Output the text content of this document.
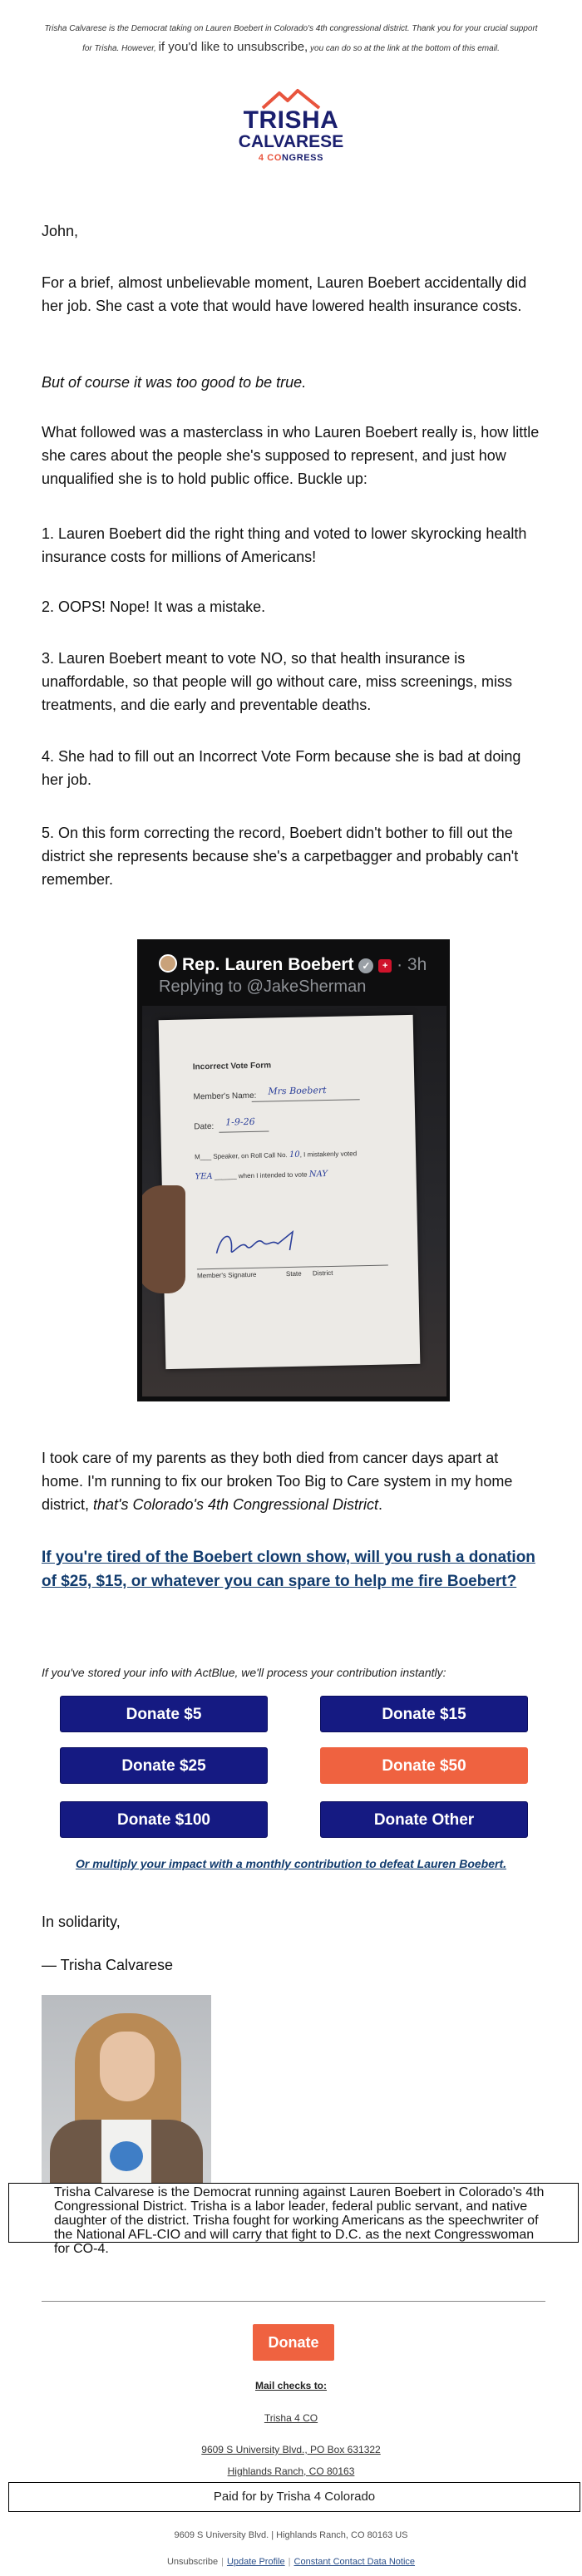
Trisha Calvarese is the Democrat taking on Lauren Boebert in Colorado's 4th congressional district. Thank you for your crucial support
for Trisha. However, if you'd like to unsubscribe, you can do so at the link at the bottom of this email.
TRISHA
CALVARESE
4 CONGRESS
John,
For a brief, almost unbelievable moment, Lauren Boebert accidentally did her job. She cast a vote that would have lowered health insurance costs.
But of course it was too good to be true.
What followed was a masterclass in who Lauren Boebert really is, how little she cares about the people she's supposed to represent, and just how unqualified she is to hold public office. Buckle up:
1. Lauren Boebert did the right thing and voted to lower skyrocking health insurance costs for millions of Americans!
2. OOPS! Nope! It was a mistake.
3. Lauren Boebert meant to vote NO, so that health insurance is unaffordable, so that people will go without care, miss screenings, miss treatments, and die early and preventable deaths.
4. She had to fill out an Incorrect Vote Form because she is bad at doing her job.
5. On this form correcting the record, Boebert didn't bother to fill out the district she represents because she's a carpetbagger and probably can't remember.
Rep. Lauren Boebert ✓ + · 3h
Replying to @JakeSherman
Incorrect Vote Form
Member's Name: Mrs Boebert
Date: 1-9-26
M___ Speaker, on Roll Call No. 10, I mistakenly voted
YEA ______ when I intended to vote NAY
Member's Signature	State District
I took care of my parents as they both died from cancer days apart at home. I'm running to fix our broken Too Big to Care system in my home district, that's Colorado's 4th Congressional District.
If you're tired of the Boebert clown show, will you rush a donation of $25, $15, or whatever you can spare to help me fire Boebert?
If you've stored your info with ActBlue, we'll process your contribution instantly:
Donate $5	Donate $15
Donate $25	Donate $50
Donate $100	Donate Other
Or multiply your impact with a monthly contribution to defeat Lauren Boebert.
In solidarity,
— Trisha Calvarese
Trisha Calvarese is the Democrat running against Lauren Boebert in Colorado's 4th Congressional District. Trisha is a labor leader, federal public servant, and native daughter of the district. Trisha fought for working Americans as the speechwriter of the National AFL-CIO and will carry that fight to D.C. as the next Congresswoman for CO-4.
Donate
Mail checks to:
Trisha 4 CO
9609 S University Blvd., PO Box 631322
Paid for by Trisha 4 Colorado
9609 S University Blvd. | Highlands Ranch, CO 80163 US
Unsubscribe | Update Profile | Constant Contact Data Notice
Highlands Ranch, CO 80163
